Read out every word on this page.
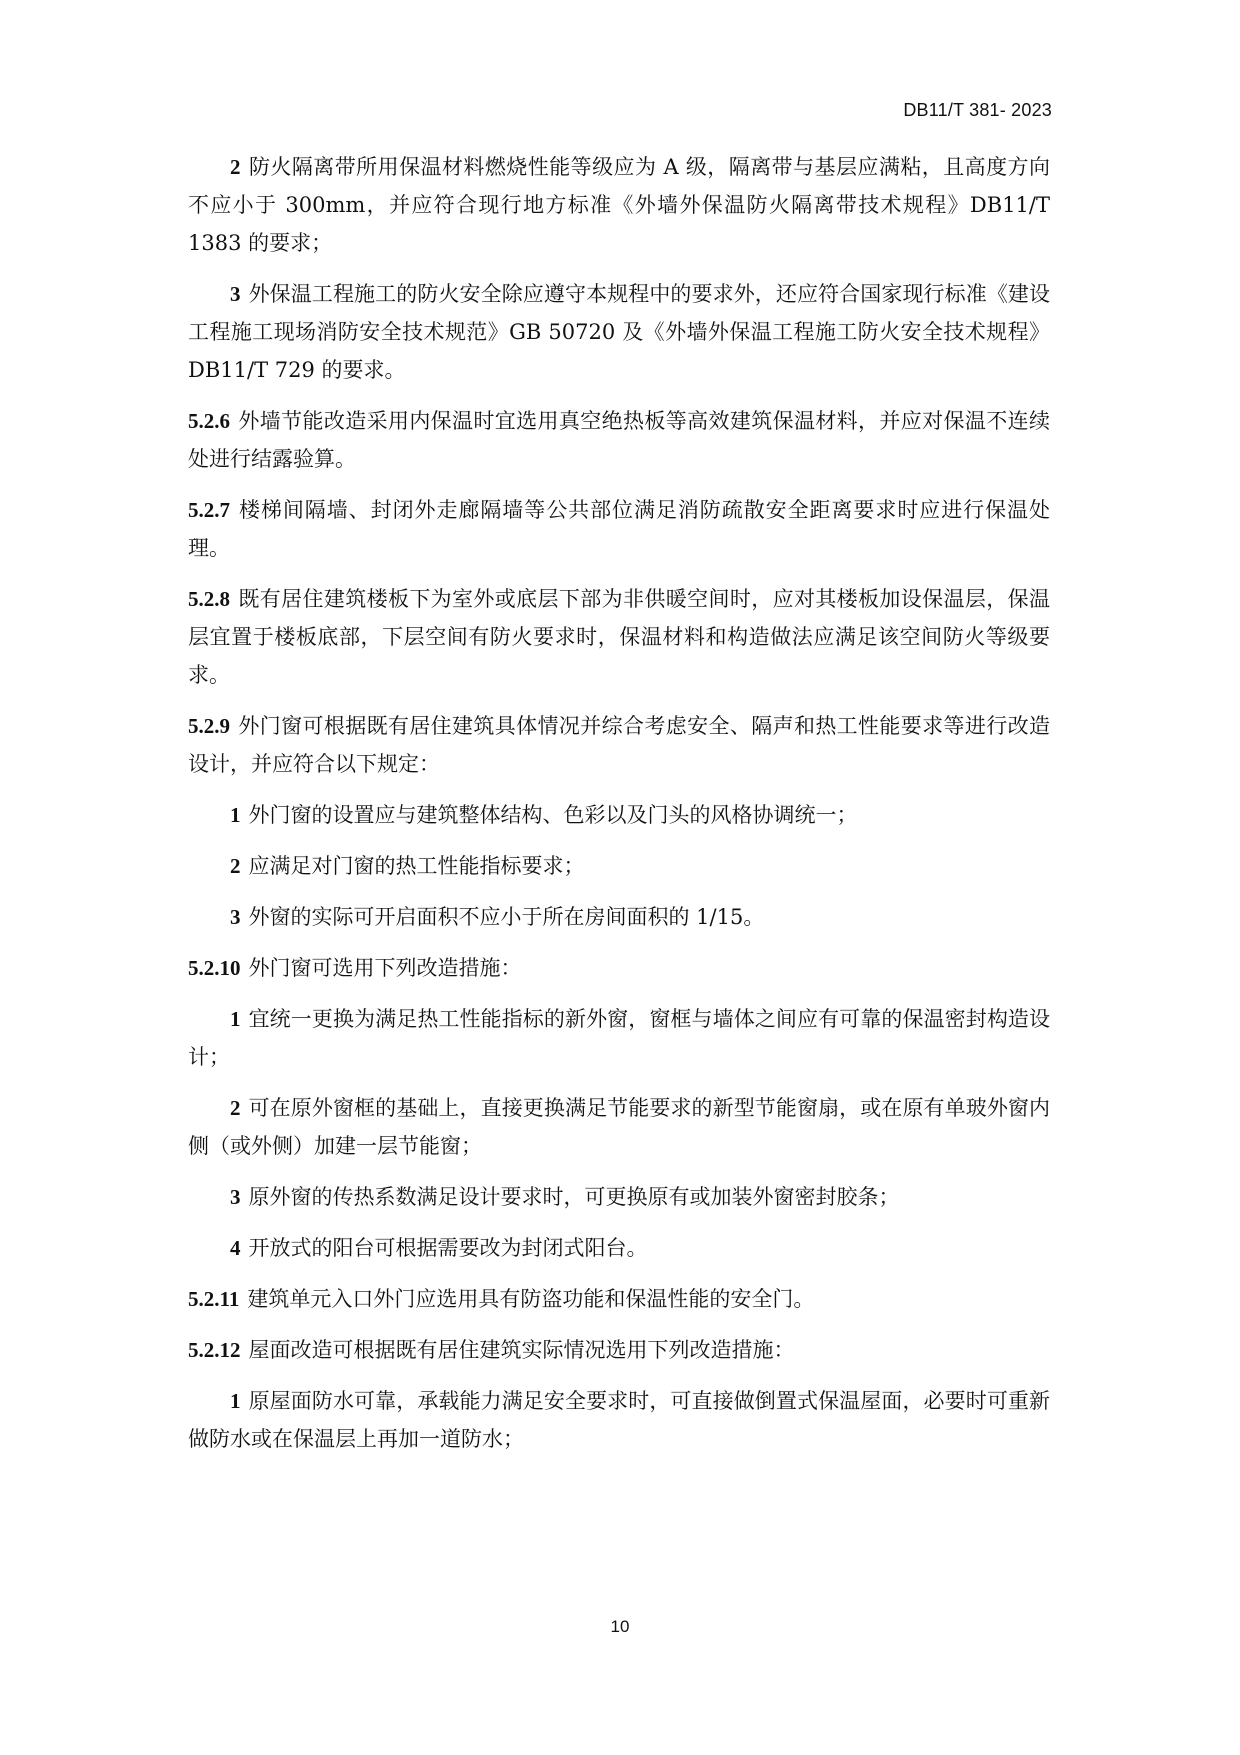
DB11/T 381- 2023

2 防火隔离带所用保温材料燃烧性能等级应为 A 级，隔离带与基层应满粘，且高度方向不应小于 300mm，并应符合现行地方标准《外墙外保温防火隔离带技术规程》DB11/T 1383 的要求；

3 外保温工程施工的防火安全除应遵守本规程中的要求外，还应符合国家现行标准《建设工程施工现场消防安全技术规范》GB 50720 及《外墙外保温工程施工防火安全技术规程》DB11/T 729 的要求。

5.2.6 外墙节能改造采用内保温时宜选用真空绝热板等高效建筑保温材料，并应对保温不连续处进行结露验算。

5.2.7 楼梯间隔墙、封闭外走廊隔墙等公共部位满足消防疏散安全距离要求时应进行保温处理。

5.2.8 既有居住建筑楼板下为室外或底层下部为非供暖空间时，应对其楼板加设保温层，保温层宜置于楼板底部，下层空间有防火要求时，保温材料和构造做法应满足该空间防火等级要求。

5.2.9 外门窗可根据既有居住建筑具体情况并综合考虑安全、隔声和热工性能要求等进行改造设计，并应符合以下规定：

1 外门窗的设置应与建筑整体结构、色彩以及门头的风格协调统一；

2 应满足对门窗的热工性能指标要求；

3 外窗的实际可开启面积不应小于所在房间面积的 1/15。

5.2.10 外门窗可选用下列改造措施：

1 宜统一更换为满足热工性能指标的新外窗，窗框与墙体之间应有可靠的保温密封构造设计；

2 可在原外窗框的基础上，直接更换满足节能要求的新型节能窗扇，或在原有单玻外窗内侧（或外侧）加建一层节能窗；

3 原外窗的传热系数满足设计要求时，可更换原有或加装外窗密封胶条；

4 开放式的阳台可根据需要改为封闭式阳台。

5.2.11 建筑单元入口外门应选用具有防盗功能和保温性能的安全门。

5.2.12 屋面改造可根据既有居住建筑实际情况选用下列改造措施：

1 原屋面防水可靠，承载能力满足安全要求时，可直接做倒置式保温屋面，必要时可重新做防水或在保温层上再加一道防水；

10
